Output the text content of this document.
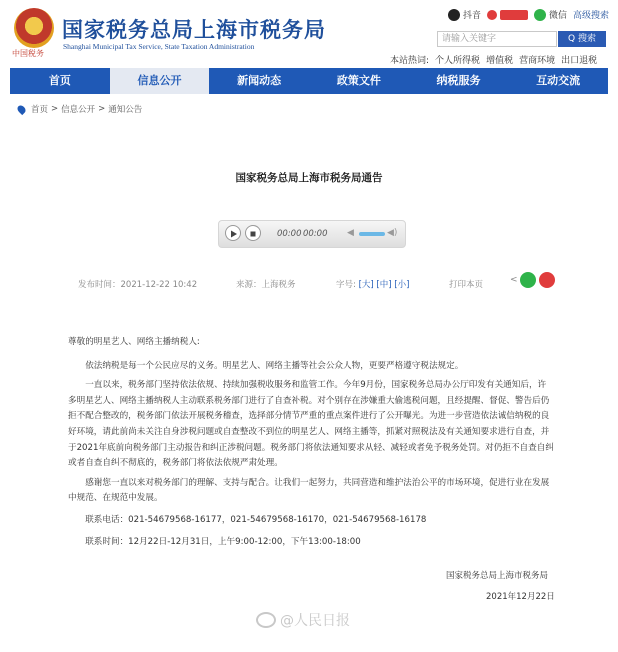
中国税务
国家税务总局上海市税务局
Shanghai Municipal Tax Service, State Taxation Administration
抖音	微信 高级搜索
请输入关键字	Q 搜索
本站热词: 个人所得税 增值税 营商环境 出口退税
首页	信息公开	新闻动态	政策文件	纳税服务	互动交流
首页 > 信息公开 > 通知公告
国家税务总局上海市税务局通告
00:00 00:00 ◀	◀)
发布时间：2021-12-22 10:42	来源：上海税务	字号: [大] [中] [小]	打印本页	<

尊敬的明星艺人、网络主播纳税人:

依法纳税是每一个公民应尽的义务。明星艺人、网络主播等社会公众人物，更要严格遵守税法规定。

一直以来，税务部门坚持依法依规、持续加强税收服务和监管工作。今年9月份，国家税务总局办公厅印发有关通知后，许多明星艺人、网络主播纳税人主动联系税务部门进行了自查补税。对个别存在涉嫌重大偷逃税问题，且经提醒、督促、警告后仍拒不配合整改的，税务部门依法开展税务稽查，选择部分情节严重的重点案件进行了公开曝光。为进一步营造依法诚信纳税的良好环境，请此前尚未关注自身涉税问题或自查整改不到位的明星艺人、网络主播等，抓紧对照税法及有关通知要求进行自查，并于2021年底前向税务部门主动报告和纠正涉税问题。税务部门将依法通知要求从轻、减轻或者免予税务处罚。对仍拒不自查自纠或者自查自纠不彻底的，税务部门将依法依规严肃处理。

感谢您一直以来对税务部门的理解、支持与配合。让我们一起努力，共同营造和维护法治公平的市场环境，促进行业在发展中规范、在规范中发展。

联系电话：021-54679568-16177，021-54679568-16170，021-54679568-16178

联系时间：12月22日-12月31日，上午9:00-12:00，下午13:00-18:00

国家税务总局上海市税务局
2021年12月22日
@人民日报
